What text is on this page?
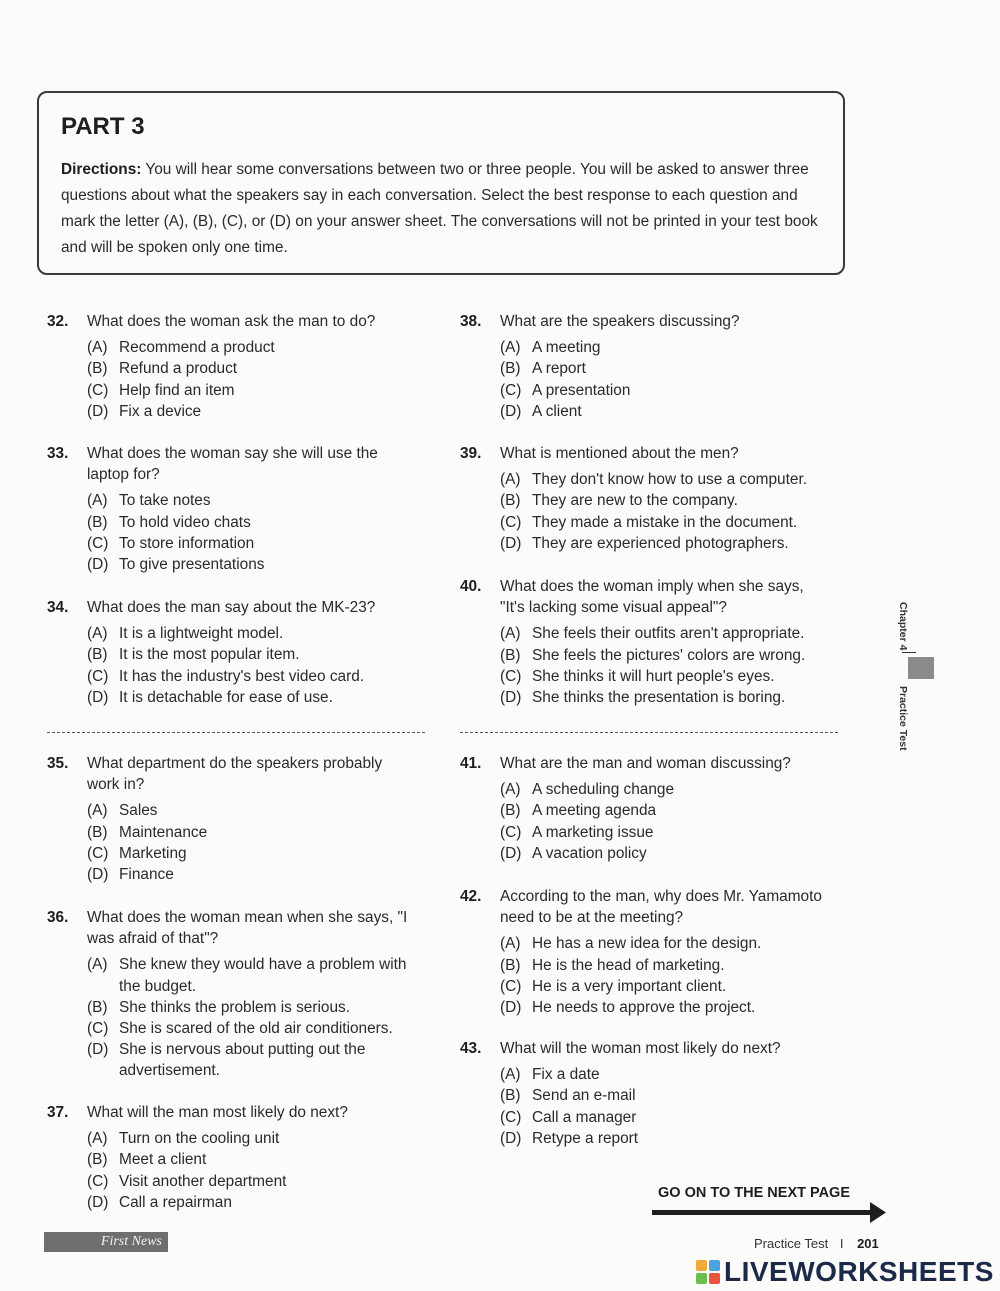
PART 3

Directions: You will hear some conversations between two or three people. You will be asked to answer three questions about what the speakers say in each conversation. Select the best response to each question and mark the letter (A), (B), (C), or (D) on your answer sheet. The conversations will not be printed in your test book and will be spoken only one time.

32. What does the woman ask the man to do?
(A) Recommend a product
(B) Refund a product
(C) Help find an item
(D) Fix a device
33. What does the woman say she will use the laptop for?
(A) To take notes
(B) To hold video chats
(C) To store information
(D) To give presentations
34. What does the man say about the MK-23?
(A) It is a lightweight model.
(B) It is the most popular item.
(C) It has the industry's best video card.
(D) It is detachable for ease of use.
35. What department do the speakers probably work in?
(A) Sales
(B) Maintenance
(C) Marketing
(D) Finance
36. What does the woman mean when she says, "I was afraid of that"?
(A) She knew they would have a problem with the budget.
(B) She thinks the problem is serious.
(C) She is scared of the old air conditioners.
(D) She is nervous about putting out the advertisement.
37. What will the man most likely do next?
(A) Turn on the cooling unit
(B) Meet a client
(C) Visit another department
(D) Call a repairman
38. What are the speakers discussing?
(A) A meeting
(B) A report
(C) A presentation
(D) A client
39. What is mentioned about the men?
(A) They don't know how to use a computer.
(B) They are new to the company.
(C) They made a mistake in the document.
(D) They are experienced photographers.
40. What does the woman imply when she says, "It's lacking some visual appeal"?
(A) She feels their outfits aren't appropriate.
(B) She feels the pictures' colors are wrong.
(C) She thinks it will hurt people's eyes.
(D) She thinks the presentation is boring.
41. What are the man and woman discussing?
(A) A scheduling change
(B) A meeting agenda
(C) A marketing issue
(D) A vacation policy
42. According to the man, why does Mr. Yamamoto need to be at the meeting?
(A) He has a new idea for the design.
(B) He is the head of marketing.
(C) He is a very important client.
(D) He needs to approve the project.
43. What will the woman most likely do next?
(A) Fix a date
(B) Send an e-mail
(C) Call a manager
(D) Retype a report
Chapter 4
Practice Test
GO ON TO THE NEXT PAGE
First News	Practice Test I 201
LIVEWORKSHEETS
